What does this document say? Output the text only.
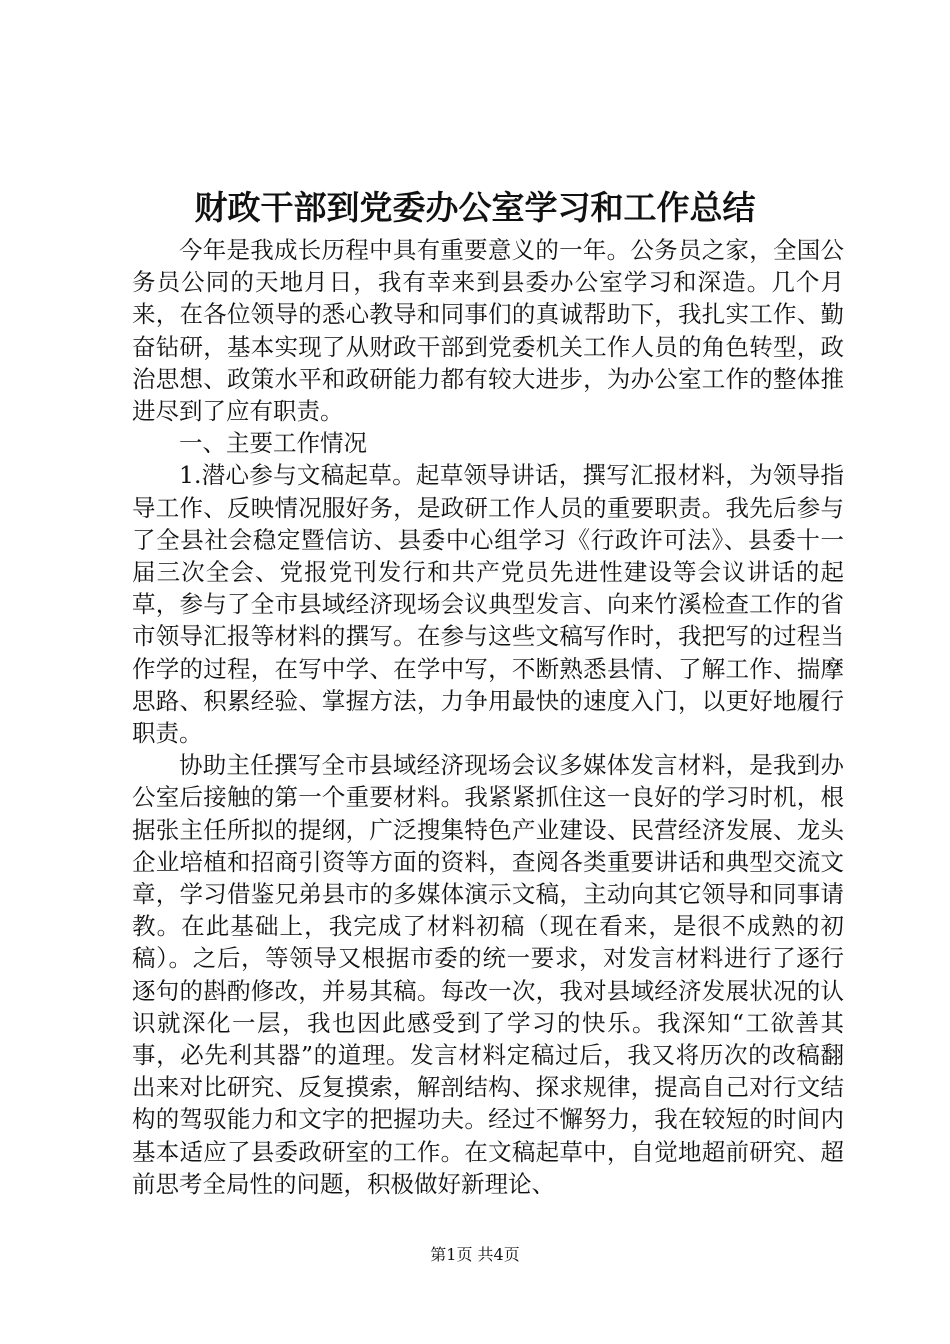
财政干部到党委办公室学习和工作总结

今年是我成长历程中具有重要意义的一年。公务员之家，全国公务员公同的天地月日，我有幸来到县委办公室学习和深造。几个月来，在各位领导的悉心教导和同事们的真诚帮助下，我扎实工作、勤奋钻研，基本实现了从财政干部到党委机关工作人员的角色转型，政治思想、政策水平和政研能力都有较大进步，为办公室工作的整体推进尽到了应有职责。

一、主要工作情况

1.潜心参与文稿起草。起草领导讲话，撰写汇报材料，为领导指导工作、反映情况服好务，是政研工作人员的重要职责。我先后参与了全县社会稳定暨信访、县委中心组学习《行政许可法》、县委十一届三次全会、党报党刊发行和共产党员先进性建设等会议讲话的起草，参与了全市县域经济现场会议典型发言、向来竹溪检查工作的省市领导汇报等材料的撰写。在参与这些文稿写作时，我把写的过程当作学的过程，在写中学、在学中写，不断熟悉县情、了解工作、揣摩思路、积累经验、掌握方法，力争用最快的速度入门，以更好地履行职责。

协助主任撰写全市县域经济现场会议多媒体发言材料，是我到办公室后接触的第一个重要材料。我紧紧抓住这一良好的学习时机，根据张主任所拟的提纲，广泛搜集特色产业建设、民营经济发展、龙头企业培植和招商引资等方面的资料，查阅各类重要讲话和典型交流文章，学习借鉴兄弟县市的多媒体演示文稿，主动向其它领导和同事请教。在此基础上，我完成了材料初稿（现在看来，是很不成熟的初稿）。之后，等领导又根据市委的统一要求，对发言材料进行了逐行逐句的斟酌修改，并易其稿。每改一次，我对县域经济发展状况的认识就深化一层，我也因此感受到了学习的快乐。我深知“工欲善其事，必先利其器”的道理。发言材料定稿过后，我又将历次的改稿翻出来对比研究、反复摸索，解剖结构、探求规律，提高自己对行文结构的驾驭能力和文字的把握功夫。经过不懈努力，我在较短的时间内基本适应了县委政研室的工作。在文稿起草中，自觉地超前研究、超前思考全局性的问题，积极做好新理论、

第1页 共4页
